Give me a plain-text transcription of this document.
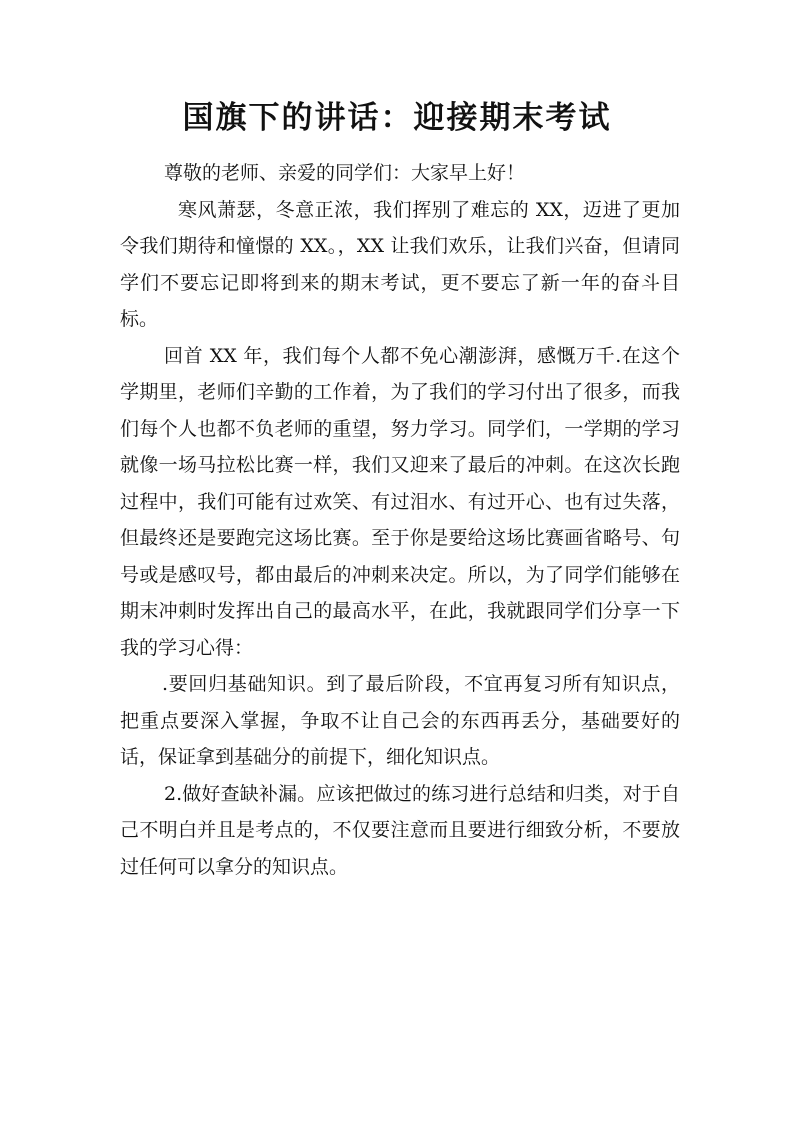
国旗下的讲话：迎接期末考试

尊敬的老师、亲爱的同学们：大家早上好！

寒风萧瑟，冬意正浓，我们挥别了难忘的 XX，迈进了更加令我们期待和憧憬的 XX。，XX 让我们欢乐，让我们兴奋，但请同学们不要忘记即将到来的期末考试，更不要忘了新一年的奋斗目标。

回首 XX 年，我们每个人都不免心潮澎湃，感慨万千.在这个学期里，老师们辛勤的工作着，为了我们的学习付出了很多，而我们每个人也都不负老师的重望，努力学习。同学们，一学期的学习就像一场马拉松比赛一样，我们又迎来了最后的冲刺。在这次长跑过程中，我们可能有过欢笑、有过泪水、有过开心、也有过失落，但最终还是要跑完这场比赛。至于你是要给这场比赛画省略号、句号或是感叹号，都由最后的冲刺来决定。所以，为了同学们能够在期末冲刺时发挥出自己的最高水平，在此，我就跟同学们分享一下我的学习心得：

.要回归基础知识。到了最后阶段，不宜再复习所有知识点，把重点要深入掌握，争取不让自己会的东西再丢分，基础要好的话，保证拿到基础分的前提下，细化知识点。

2.做好查缺补漏。应该把做过的练习进行总结和归类，对于自己不明白并且是考点的，不仅要注意而且要进行细致分析，不要放过任何可以拿分的知识点。
